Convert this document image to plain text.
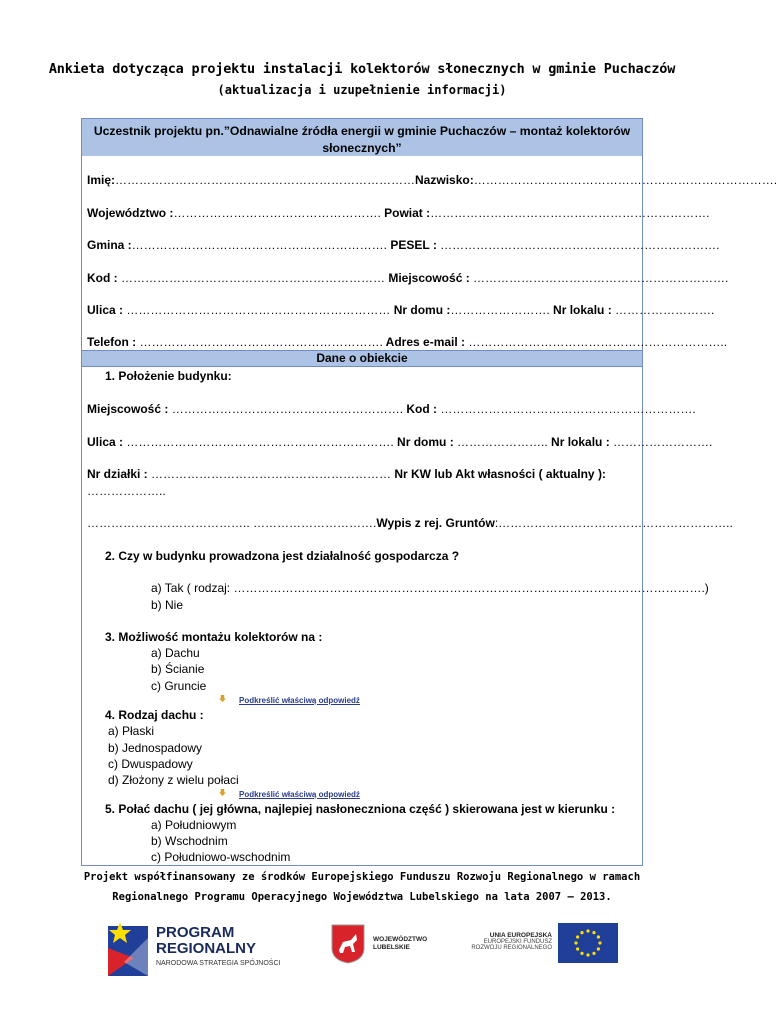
Ankieta dotycząca projektu instalacji kolektorów słonecznych w gminie Puchaczów
(aktualizacja i uzupełnienie informacji)
Uczestnik projektu pn.”Odnawialne źródła energii w gminie Puchaczów – montaż kolektorów
słonecznych”
Imię:…………………………………………………………………Nazwisko:………………………………………………………………….
Województwo :……………………………………………. Powiat :…………………………………………………………….
Gmina :………………………………………………………. PESEL : …………………………………………………………….
Kod : ………………………………………………………… Miejscowość : ……………………………………………………….
Ulica : ………………………………………………………… Nr domu :……………………. Nr lokalu : …………………….
Telefon : ……………………………………………………. Adres e-mail : ………………………………………………………..
Dane o obiekcie
1. Położenie budynku:
Miejscowość : …………………………………………………. Kod : ……………………………………………………….
Ulica : …………………………………………………………. Nr domu : ………………….. Nr lokalu : …………………….
Nr działki : …………………………………………………… Nr KW lub Akt własności ( aktualny ):
………………..
………………………………….. ………………………….Wypis z rej. Gruntów:…………………………………………………..
2. Czy w budynku prowadzona jest działalność gospodarcza ?
a) Tak ( rodzaj: ……………………………………………………………………………………………………….)
b) Nie
3. Możliwość montażu kolektorów na :
a) Dachu
b) Ścianie
c) Gruncie
Podkreślić właściwą odpowiedź
4. Rodzaj dachu :
a) Płaski
b) Jednospadowy
c) Dwuspadowy
d) Złożony z wielu połaci
Podkreślić właściwą odpowiedź
5. Połać dachu ( jej główna, najlepiej nasłoneczniona część ) skierowana jest w kierunku :
a) Południowym
b) Wschodnim
c) Południowo-wschodnim
Projekt współfinansowany ze środków Europejskiego Funduszu Rozwoju Regionalnego w ramach
Regionalnego Programu Operacyjnego Województwa Lubelskiego na lata 2007 – 2013.
PROGRAM
REGIONALNY
NARODOWA STRATEGIA SPÓJNOŚCI
WOJEWÓDZTWO
LUBELSKIE
UNIA EUROPEJSKA
EUROPEJSKI FUNDUSZ
ROZWOJU REGIONALNEGO
